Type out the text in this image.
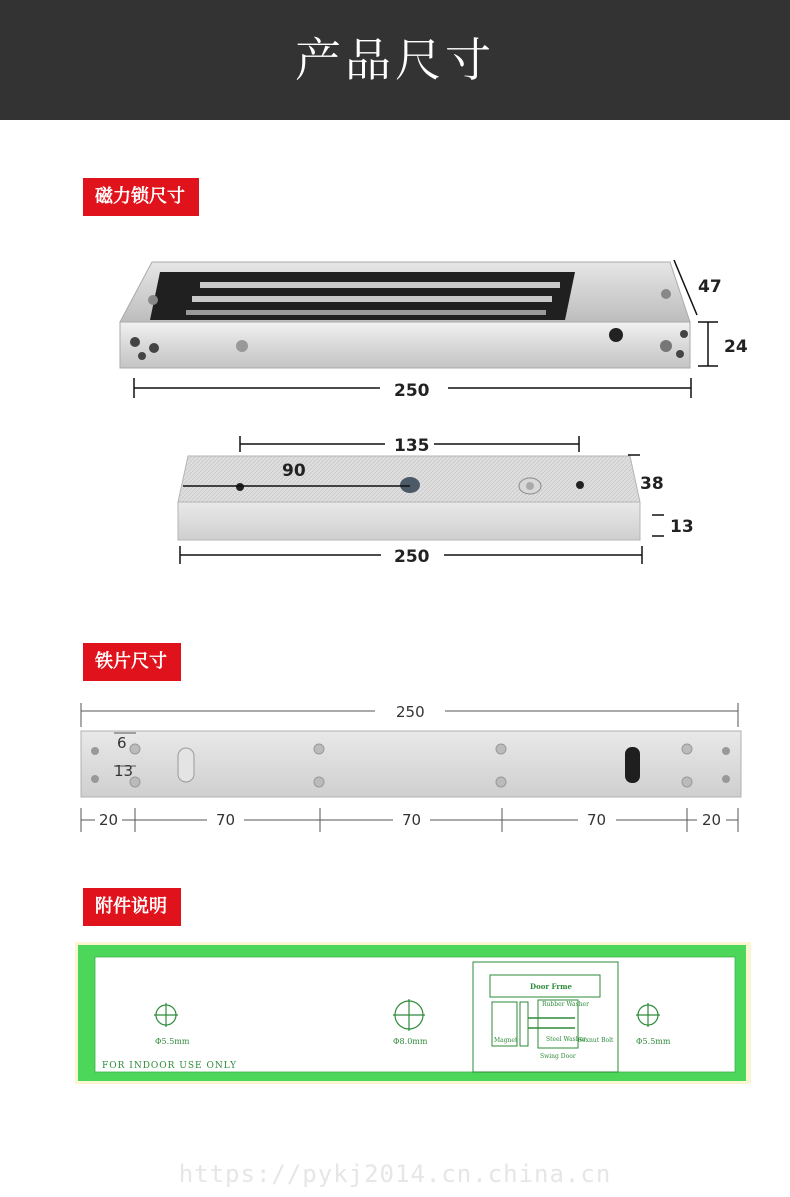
产品尺寸
磁力锁尺寸
铁片尺寸
附件说明
250
47
24
135
90
38
13
250
250
6
13
20	70	70	70	20
Φ5.5mm	Φ8.0mm	Φ5.5mm
FOR INDOOR USE ONLY
Door Frme
Rubber Washer
Steel Washer
Sexnut Bolt
Magnet
Swing Door
https://pykj2014.cn.china.cn
